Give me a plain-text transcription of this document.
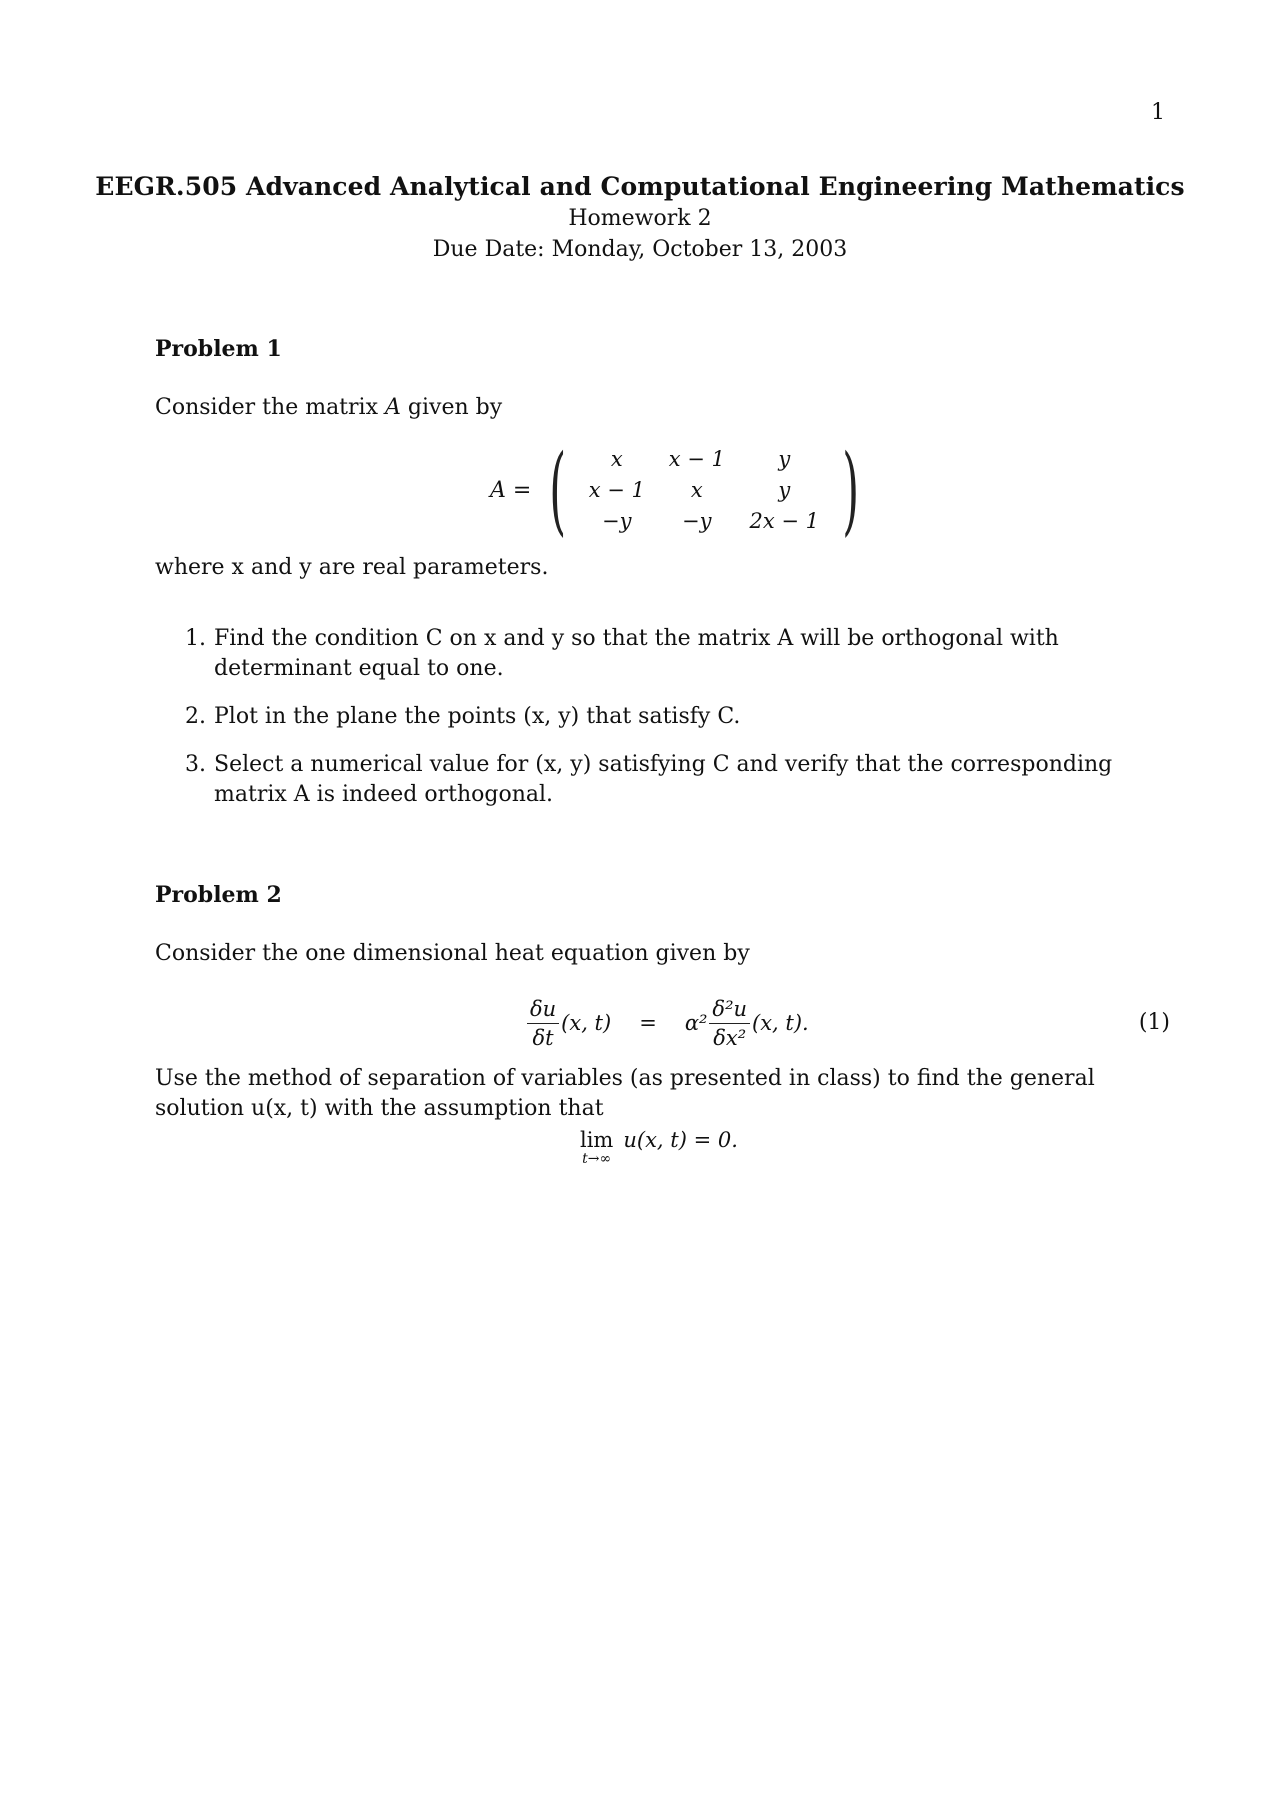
1
EEGR.505 Advanced Analytical and Computational Engineering Mathematics
Homework 2
Due Date: Monday, October 13, 2003
Problem 1
Consider the matrix A given by
A = (	x	x − 1	y
x − 1	x	y
−y	−y	2x − 1 )
where x and y are real parameters.
1. Find the condition C on x and y so that the matrix A will be orthogonal with determinant equal to one.
2. Plot in the plane the points (x, y) that satisfy C.
3. Select a numerical value for (x, y) satisfying C and verify that the corresponding matrix A is indeed orthogonal.
Problem 2
Consider the one dimensional heat equation given by
$\frac{\delta u}{\delta t} (x$, $t) = \alpha^2 \frac{\text{δ²u}}{\text{δx²}} (x$, t).	(1)
Use the method of separation of variables (as presented in class) to find the general solution u(x, t) with the assumption that
lim
t→∞
u(x, t) = 0.
